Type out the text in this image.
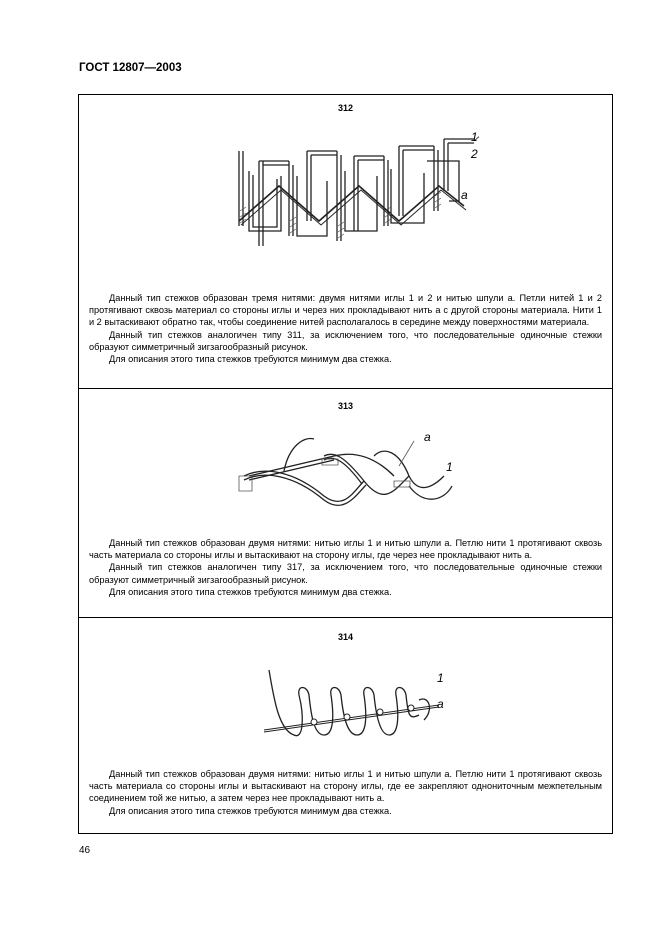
ГОСТ 12807—2003
312
1
2
a

Данный тип стежков образован тремя нитями: двумя нитями иглы 1 и 2 и нитью шпули a. Петли нитей 1 и 2 протягивают сквозь материал со стороны иглы и через них прокладывают нить a с другой стороны материала. Нити 1 и 2 вытаскивают обратно так, чтобы соединение нитей располагалось в середине между поверхностями материала.

Данный тип стежков аналогичен типу 311, за исключением того, что последовательные одиночные стежки образуют симметричный зигзагообразный рисунок.

Для описания этого типа стежков требуются минимум два стежка.

313
a
1

Данный тип стежков образован двумя нитями: нитью иглы 1 и нитью шпули a. Петлю нити 1 протягивают сквозь часть материала со стороны иглы и вытаскивают на сторону иглы, где через нее прокладывают нить a.

Данный тип стежков аналогичен типу 317, за исключением того, что последовательные одиночные стежки образуют симметричный зигзагообразный рисунок.

Для описания этого типа стежков требуются минимум два стежка.

314
1
a

Данный тип стежков образован двумя нитями: нитью иглы 1 и нитью шпули a. Петлю нити 1 протягивают сквозь часть материала со стороны иглы и вытаскивают на сторону иглы, где ее закрепляют однониточным межпетельным соединением той же нитью, а затем через нее прокладывают нить a.

Для описания этого типа стежков требуются минимум два стежка.

46
